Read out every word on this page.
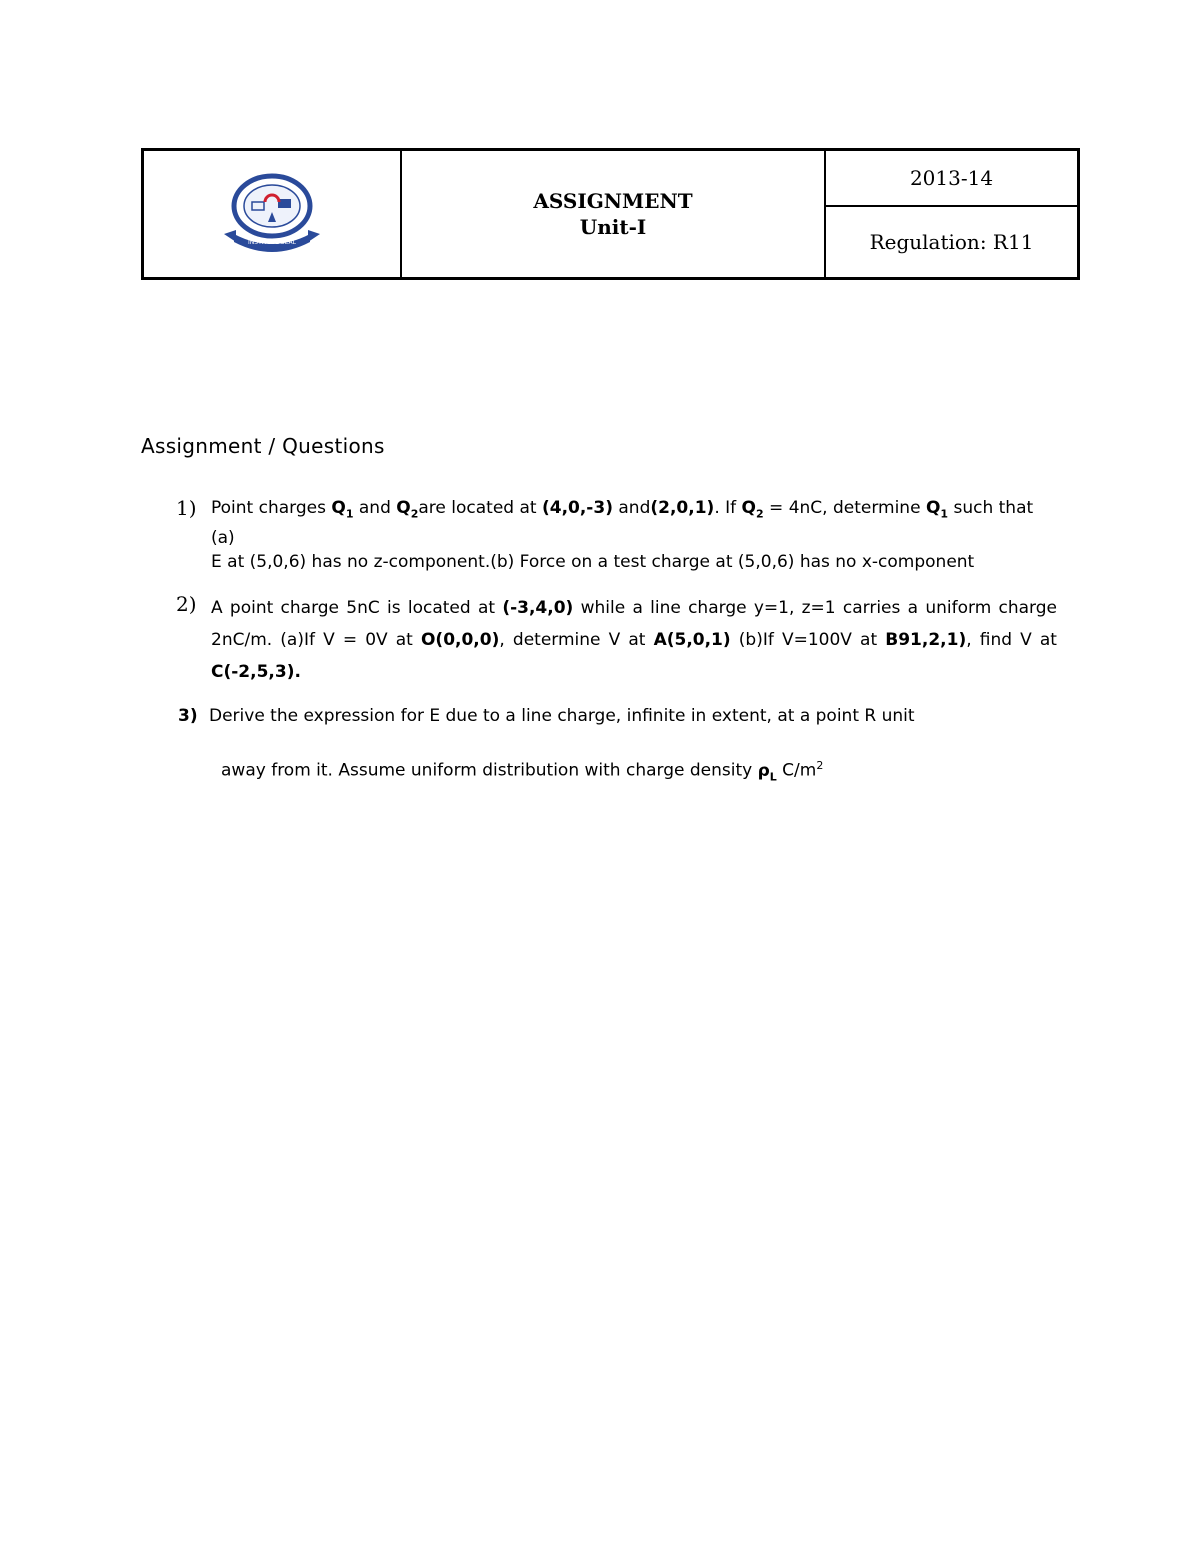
INSTITUTE SEAL
ASSIGNMENT
Unit-I
2013-14
Regulation: R11
Assignment / Questions
1) Point charges $Q_1$ and $Q_2are$ located at (4,0,-3) and(2,0,1). If $Q_2 = 4nC$, determine $Q_1$ such that (a)
E at (5,0,6) has no z-component.(b) Force on a test charge at (5,0,6) has no x-component
2) A point charge 5nC is located at (-3,4,0) while a line charge y=1, z=1 carries a uniform charge 2nC/m. (a)If V = 0V at O(0,0,0), determine V at A(5,0,1) (b)If V=100V at B91,2,1), find V at C(-2,5,3).
3) Derive the expression for E due to a line charge, infinite in extent, at a point R unit
away from it. Assume uniform distribution with charge density $\rho_L$ $C/m^2$
